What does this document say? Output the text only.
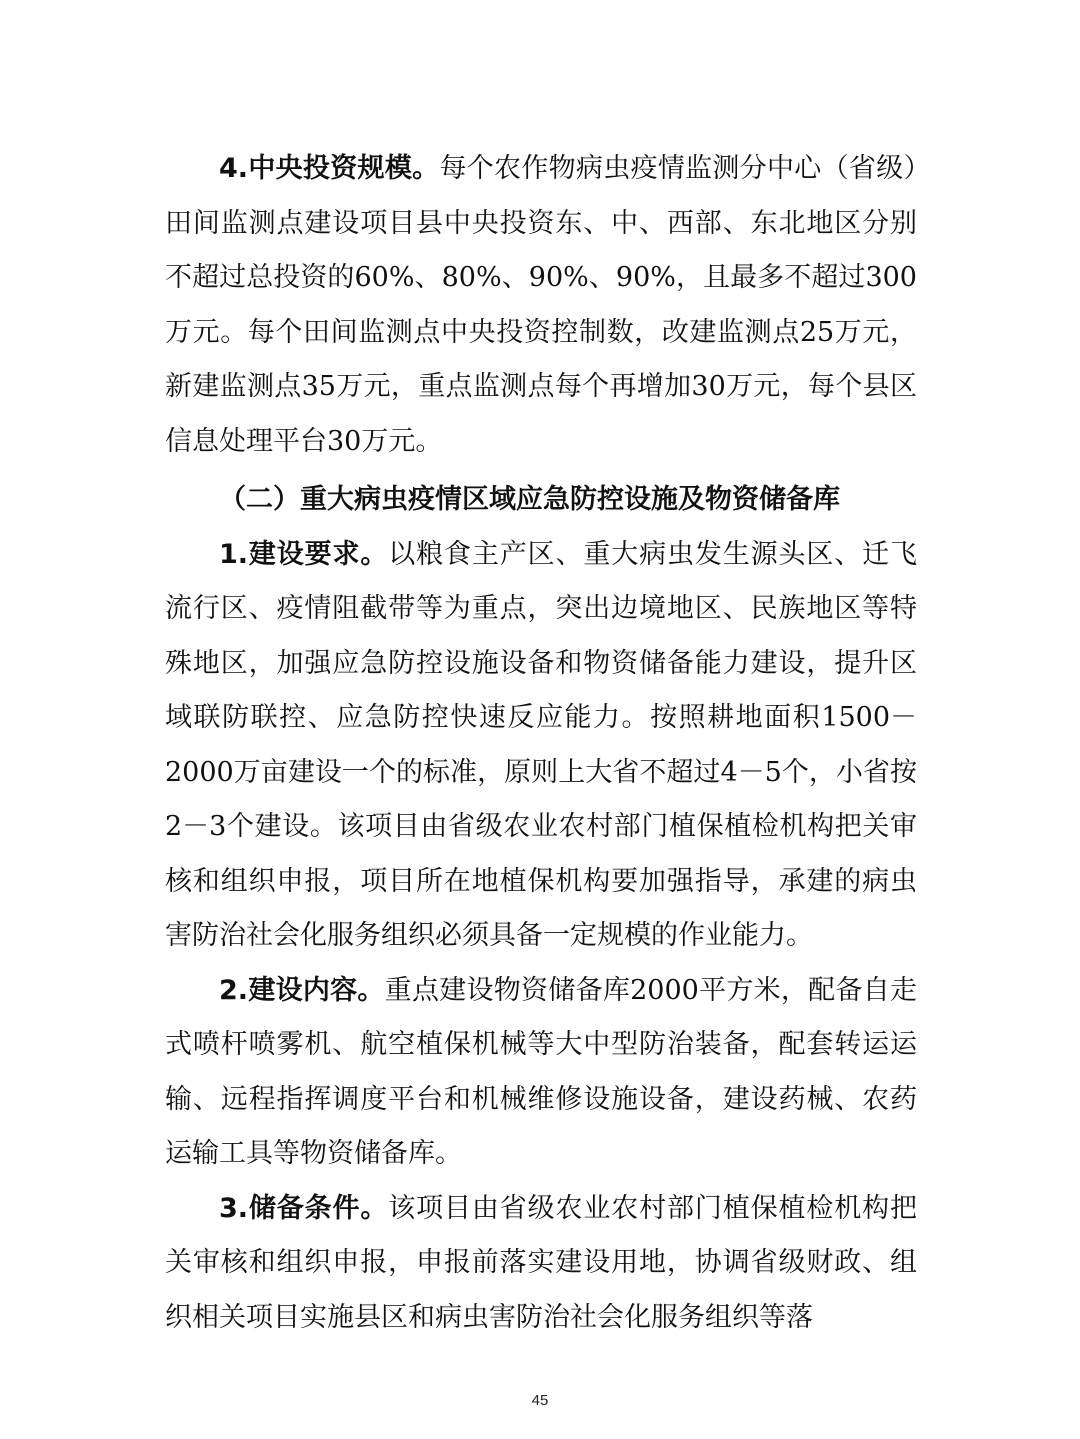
4.中央投资规模。每个农作物病虫疫情监测分中心（省级）田间监测点建设项目县中央投资东、中、西部、东北地区分别不超过总投资的60%、80%、90%、90%，且最多不超过300万元。每个田间监测点中央投资控制数，改建监测点25万元，新建监测点35万元，重点监测点每个再增加30万元，每个县区信息处理平台30万元。

（二）重大病虫疫情区域应急防控设施及物资储备库

1.建设要求。以粮食主产区、重大病虫发生源头区、迁飞流行区、疫情阻截带等为重点，突出边境地区、民族地区等特殊地区，加强应急防控设施设备和物资储备能力建设，提升区域联防联控、应急防控快速反应能力。按照耕地面积1500－2000万亩建设一个的标准，原则上大省不超过4－5个，小省按2－3个建设。该项目由省级农业农村部门植保植检机构把关审核和组织申报，项目所在地植保机构要加强指导，承建的病虫害防治社会化服务组织必须具备一定规模的作业能力。

2.建设内容。重点建设物资储备库2000平方米，配备自走式喷杆喷雾机、航空植保机械等大中型防治装备，配套转运运输、远程指挥调度平台和机械维修设施设备，建设药械、农药运输工具等物资储备库。

3.储备条件。该项目由省级农业农村部门植保植检机构把关审核和组织申报，申报前落实建设用地，协调省级财政、组织相关项目实施县区和病虫害防治社会化服务组织等落

45
